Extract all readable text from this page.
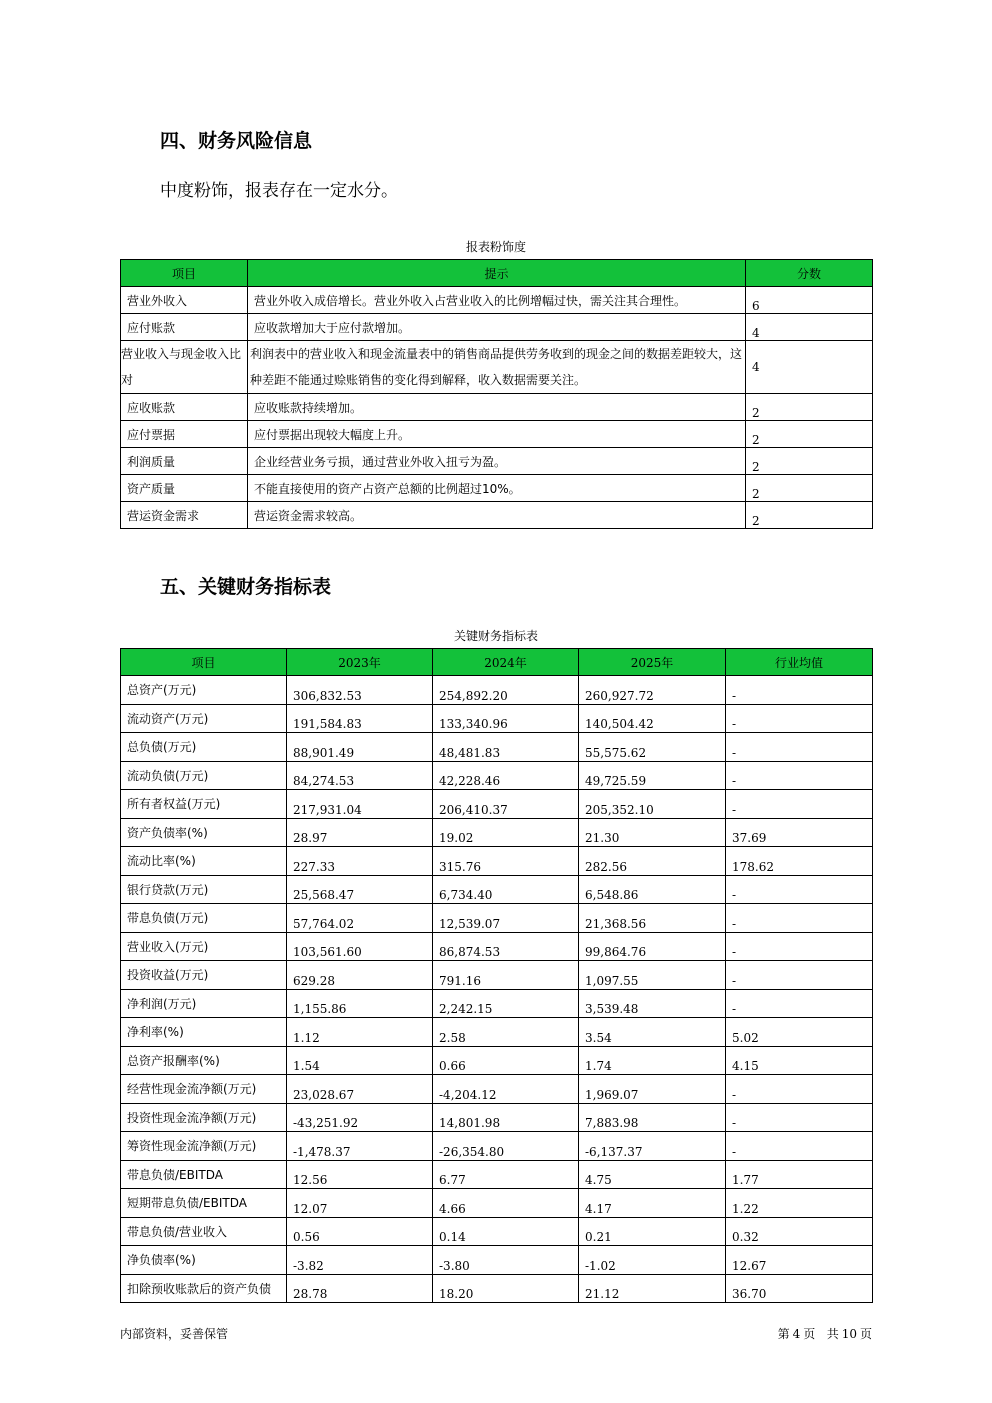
四、财务风险信息

中度粉饰，报表存在一定水分。

报表粉饰度
项目	提示	分数
营业外收入	营业外收入成倍增长。营业外收入占营业收入的比例增幅过快，需关注其合理性。	6
应付账款	应收款增加大于应付款增加。	4
营业收入与现金收入比对	利润表中的营业收入和现金流量表中的销售商品提供劳务收到的现金之间的数据差距较大，这种差距不能通过赊账销售的变化得到解释，收入数据需要关注。	4
应收账款	应收账款持续增加。	2
应付票据	应付票据出现较大幅度上升。	2
利润质量	企业经营业务亏损，通过营业外收入扭亏为盈。	2
资产质量	不能直接使用的资产占资产总额的比例超过10%。	2
营运资金需求	营运资金需求较高。	2
五、关键财务指标表
关键财务指标表
项目	2023年	2024年	2025年	行业均值
总资产(万元)	306,832.53	254,892.20	260,927.72	-
流动资产(万元)	191,584.83	133,340.96	140,504.42	-
总负债(万元)	88,901.49	48,481.83	55,575.62	-
流动负债(万元)	84,274.53	42,228.46	49,725.59	-
所有者权益(万元)	217,931.04	206,410.37	205,352.10	-
资产负债率(%)	28.97	19.02	21.30	37.69
流动比率(%)	227.33	315.76	282.56	178.62
银行贷款(万元)	25,568.47	6,734.40	6,548.86	-
带息负债(万元)	57,764.02	12,539.07	21,368.56	-
营业收入(万元)	103,561.60	86,874.53	99,864.76	-
投资收益(万元)	629.28	791.16	1,097.55	-
净利润(万元)	1,155.86	2,242.15	3,539.48	-
净利率(%)	1.12	2.58	3.54	5.02
总资产报酬率(%)	1.54	0.66	1.74	4.15
经营性现金流净额(万元)	23,028.67	-4,204.12	1,969.07	-
投资性现金流净额(万元)	-43,251.92	14,801.98	7,883.98	-
筹资性现金流净额(万元)	-1,478.37	-26,354.80	-6,137.37	-
带息负债/EBITDA	12.56	6.77	4.75	1.77
短期带息负债/EBITDA	12.07	4.66	4.17	1.22
带息负债/营业收入	0.56	0.14	0.21	0.32
净负债率(%)	-3.82	-3.80	-1.02	12.67
扣除预收账款后的资产负债	28.78	18.20	21.12	36.70
内部资料，妥善保管	第 4 页 共 10 页
